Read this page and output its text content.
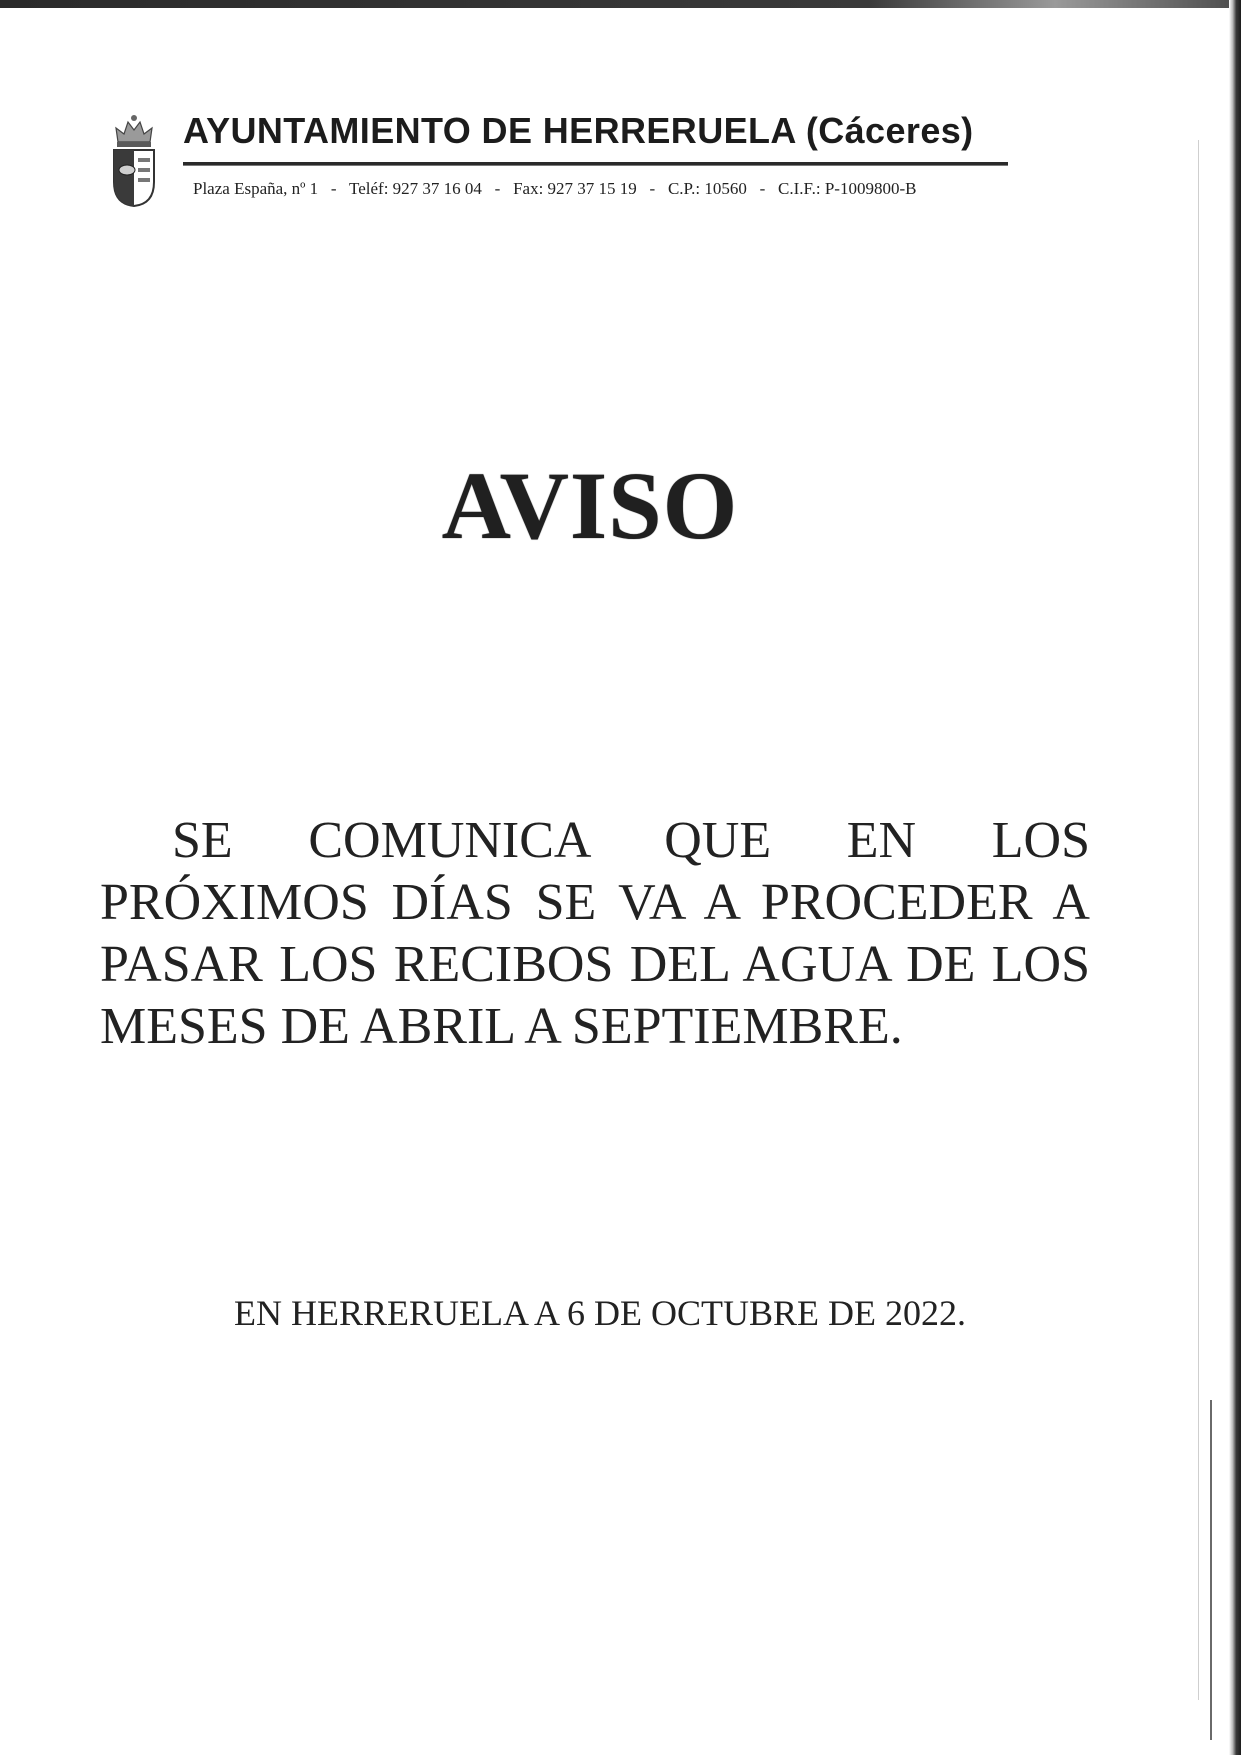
AYUNTAMIENTO DE HERRERUELA (Cáceres)
Plaza España, nº 1   -   Teléf: 927 37 16 04   -   Fax: 927 37 15 19   -   C.P.: 10560   -   C.I.F.: P-1009800-B
AVISO

SE COMUNICA QUE EN LOS PRÓXIMOS DÍAS SE VA A PROCEDER A PASAR LOS RECIBOS DEL AGUA DE LOS MESES DE ABRIL A SEPTIEMBRE.

EN HERRERUELA A 6 DE OCTUBRE DE 2022.
